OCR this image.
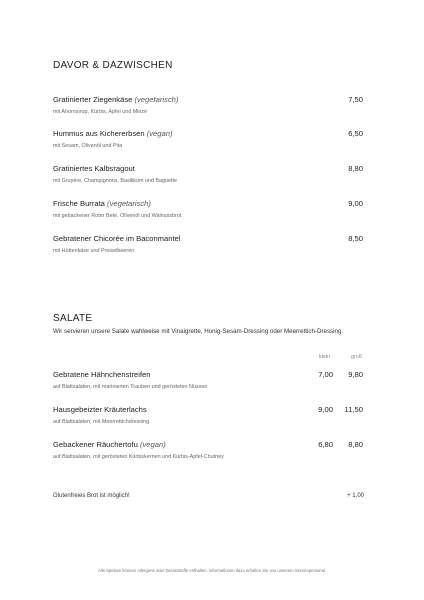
DAVOR & DAZWISCHEN
Gratinierter Ziegenkäse (vegetarisch)
mit Ahornsirup, Kürbis, Apfel und Minze
7,50
Hummus aus Kichererbsen (vegan)
mit Sesam, Olivenöl und Pita
6,50
Gratiniertes Kalbsragout
mit Gruyère, Champignons, Basilikum und Baguette
8,80
Frische Burrata (vegetarisch)
mit gebackener Roter Bete, Olivenöl und Walnussbrot
9,00
Gebratener Chicorée im Baconmantel
mit Hüttenkäse und Preiselbeeren
8,50
SALATE
Wir servieren unsere Salate wahlweise mit Vinaigrette, Honig-Sesam-Dressing oder Meerrettich-Dressing.
klein	groß
Gebratene Hähnchenstreifen
auf Blattsalaten, mit marinierten Trauben und gerösteten Nüssen
7,00 9,80
Hausgebeizter Kräuterlachs
auf Blattsalaten, mit Meerrettichdressing
9,00 11,50
Gebackener Räuchertofu (vegan)
auf Blattsalaten, mit gerösteten Kürbiskernen und Kürbis-Apfel-Chutney
6,80 8,80
Glutenfreies Brot ist möglich!	+ 1,00
Alle Speisen können Allergene oder Zusatzstoffe enthalten. Informationen dazu erhalten Sie von unserem Servicepersonal.
